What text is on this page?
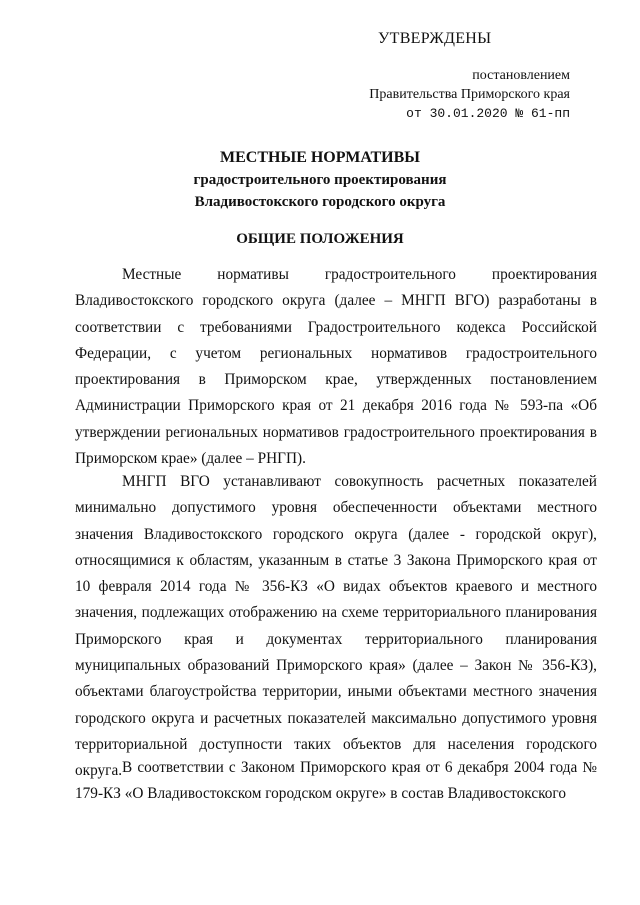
УТВЕРЖДЕНЫ
постановлением
Правительства Приморского края
от 30.01.2020 № 61-пп
МЕСТНЫЕ НОРМАТИВЫ
градостроительного проектирования
Владивостокского городского округа
ОБЩИЕ ПОЛОЖЕНИЯ

Местные нормативы градостроительного проектирования Владивостокского городского округа (далее – МНГП ВГО) разработаны в соответствии с требованиями Градостроительного кодекса Российской Федерации, с учетом региональных нормативов градостроительного проектирования в Приморском крае, утвержденных постановлением Администрации Приморского края от 21 декабря 2016 года № 593-па «Об утверждении региональных нормативов градостроительного проектирования в Приморском крае» (далее – РНГП).

МНГП ВГО устанавливают совокупность расчетных показателей минимально допустимого уровня обеспеченности объектами местного значения Владивостокского городского округа (далее - городской округ), относящимися к областям, указанным в статье 3 Закона Приморского края от 10 февраля 2014 года № 356-КЗ «О видах объектов краевого и местного значения, подлежащих отображению на схеме территориального планирования Приморского края и документах территориального планирования муниципальных образований Приморского края» (далее – Закон № 356-КЗ), объектами благоустройства территории, иными объектами местного значения городского округа и расчетных показателей максимально допустимого уровня территориальной доступности таких объектов для населения городского округа. В соответствии с Законом Приморского края от 6 декабря 2004 года № 179-КЗ «О Владивостокском городском округе» в состав Владивостокского
